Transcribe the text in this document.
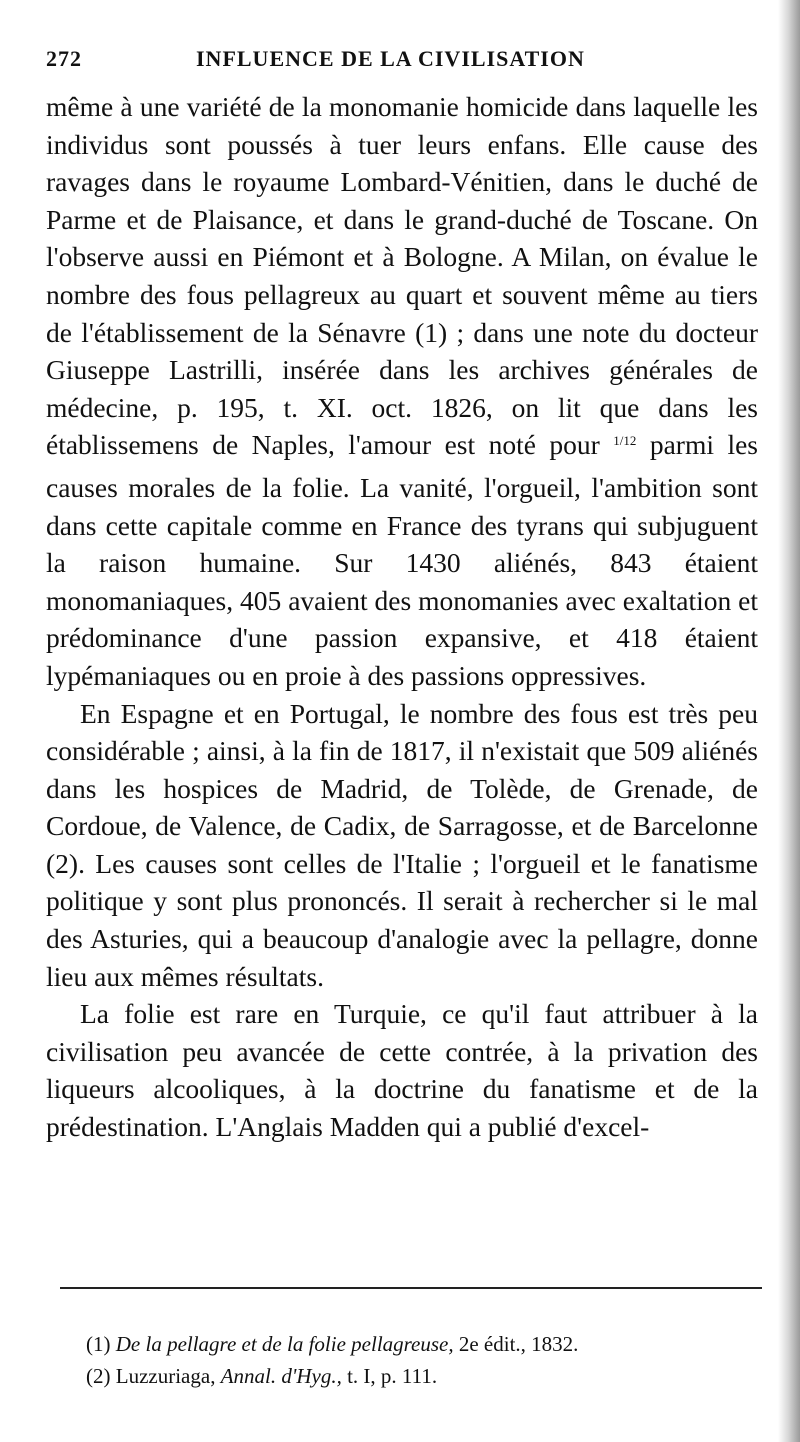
272	INFLUENCE DE LA CIVILISATION

même à une variété de la monomanie homicide dans laquelle les individus sont poussés à tuer leurs enfans. Elle cause des ravages dans le royaume Lombard-Vénitien, dans le duché de Parme et de Plaisance, et dans le grand-duché de Toscane. On l'observe aussi en Piémont et à Bologne. A Milan, on évalue le nombre des fous pellagreux au quart et souvent même au tiers de l'établissement de la Sénavre (1) ; dans une note du docteur Giuseppe Lastrilli, insérée dans les archives générales de médecine, p. 195, t. XI. oct. 1826, on lit que dans les établissemens de Naples, l'amour est noté pour $^{1/12}$ parmi les causes morales de la folie. La vanité, l'orgueil, l'ambition sont dans cette capitale comme en France des tyrans qui subjuguent la raison humaine. Sur 1430 aliénés, 843 étaient monomaniaques, 405 avaient des monomanies avec exaltation et prédominance d'une passion expansive, et 418 étaient lypémaniaques ou en proie à des passions oppressives.

En Espagne et en Portugal, le nombre des fous est très peu considérable ; ainsi, à la fin de 1817, il n'existait que 509 aliénés dans les hospices de Madrid, de Tolède, de Grenade, de Cordoue, de Valence, de Cadix, de Sarragosse, et de Barcelonne (2). Les causes sont celles de l'Italie ; l'orgueil et le fanatisme politique y sont plus prononcés. Il serait à rechercher si le mal des Asturies, qui a beaucoup d'analogie avec la pellagre, donne lieu aux mêmes résultats.

La folie est rare en Turquie, ce qu'il faut attribuer à la civilisation peu avancée de cette contrée, à la privation des liqueurs alcooliques, à la doctrine du fanatisme et de la prédestination. L'Anglais Madden qui a publié d'excel-

(1) De la pellagre et de la folie pellagreuse, 2e édit., 1832.
(2) Luzzuriaga, Annal. d'Hyg., t. I, p. 111.
